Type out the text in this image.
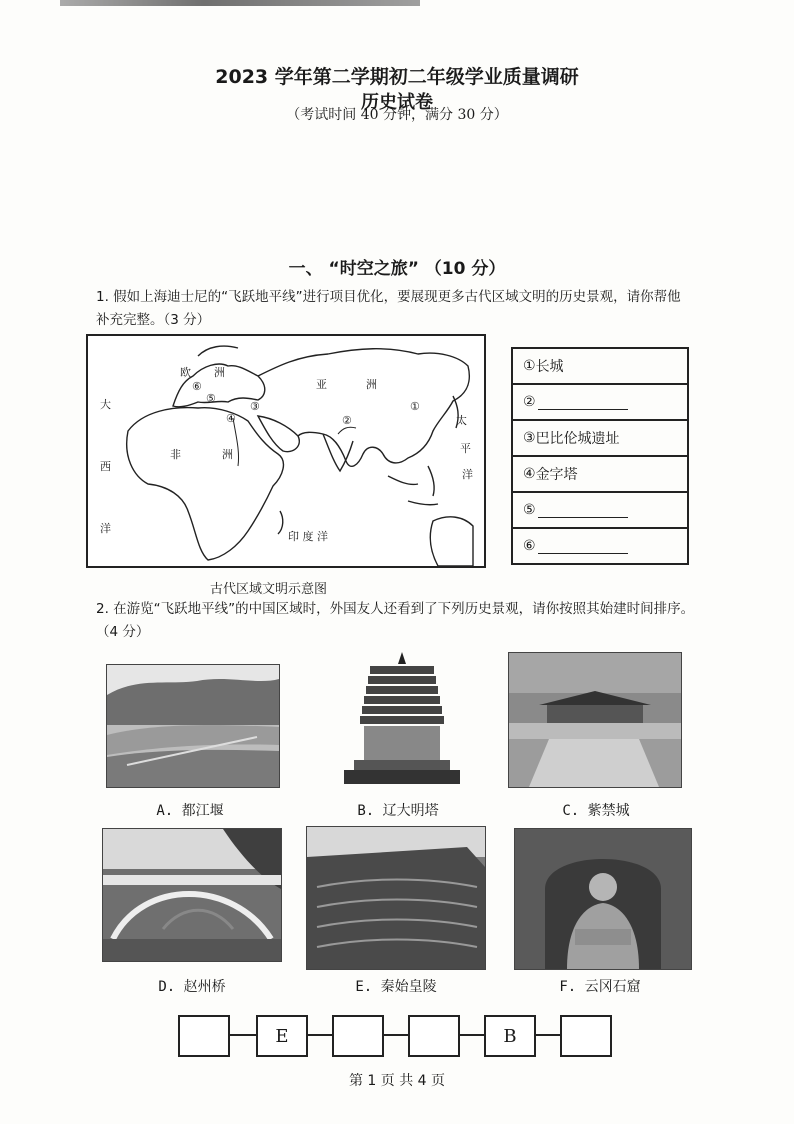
2023 学年第二学期初二年级学业质量调研
历史试卷
（考试时间 40 分钟，满分 30 分）
一、 “时空之旅” （10 分）
1. 假如上海迪士尼的“飞跃地平线”进行项目优化，要展现更多古代区域文明的历史景观，请你帮他
补充完整。（3 分）
欧 洲
亚	洲
大
西
洋
非	洲
印 度 洋
太
平
洋
①
②
③
④
⑤
⑥
古代区域文明示意图
① 长城
②
③ 巴比伦城遗址
④ 金字塔
⑤
⑥
2. 在游览“飞跃地平线”的中国区域时，外国友人还看到了下列历史景观，请你按照其始建时间排序。
（4 分）
A. 都江堰	B. 辽大明塔	C. 紫禁城
D. 赵州桥	E. 秦始皇陵	F. 云冈石窟
E	B
第 1 页 共 4 页
